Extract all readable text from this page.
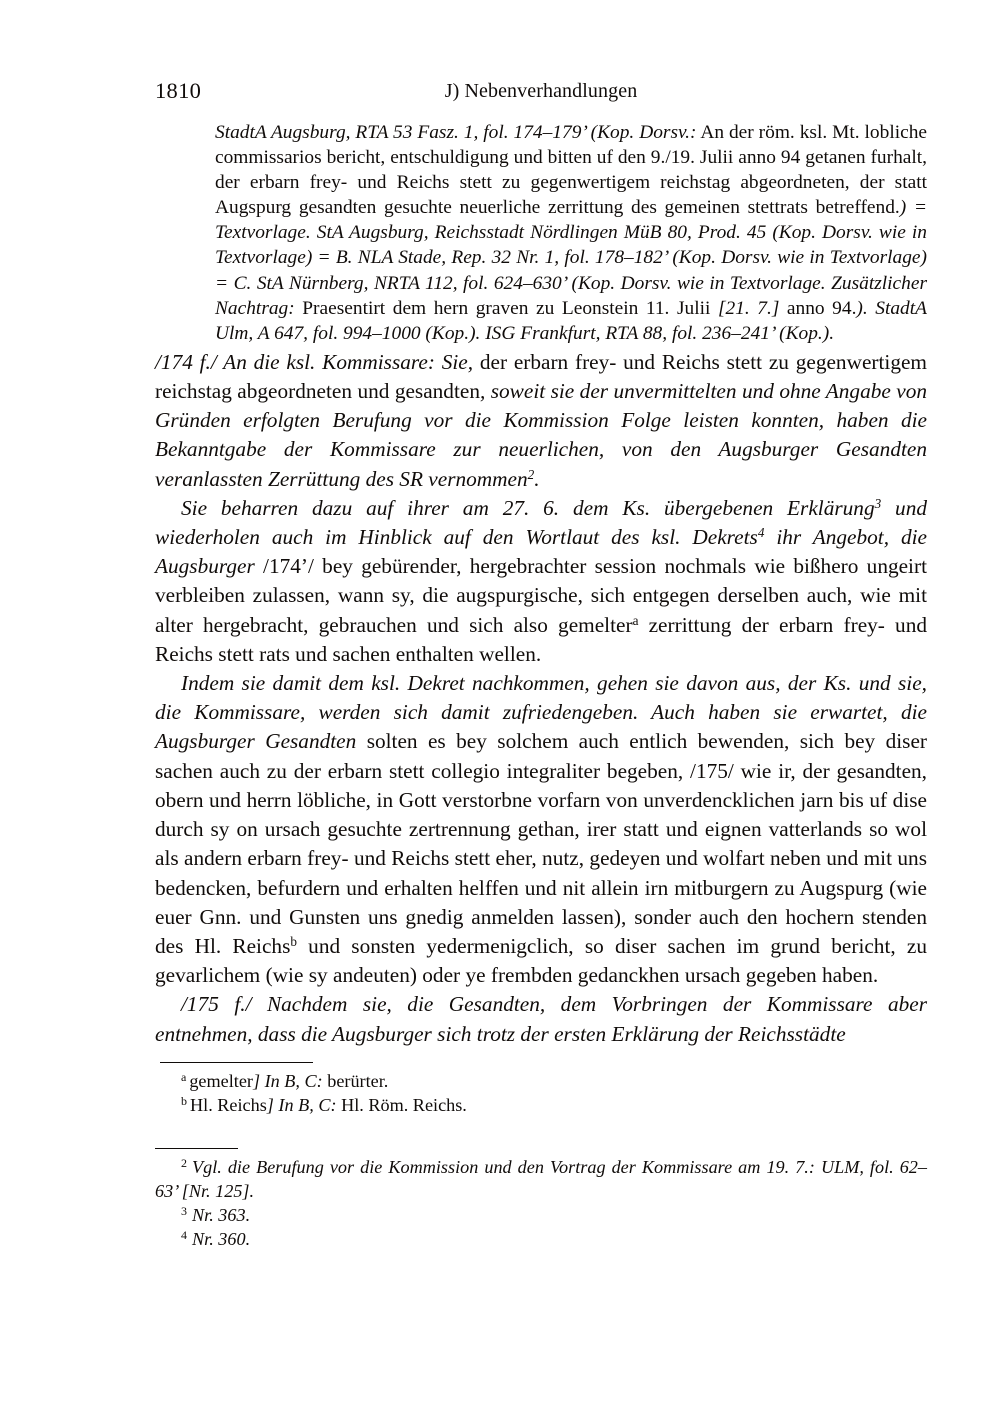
1810	J) Nebenverhandlungen
StadtA Augsburg, RTA 53 Fasz. 1, fol. 174–179’ (Kop. Dorsv.: An der röm. ksl. Mt. lobliche commissarios bericht, entschuldigung und bitten uf den 9./19. Julii anno 94 getanen furhalt, der erbarn frey- und Reichs stett zu gegenwertigem reichstag abgeordneten, der statt Augspurg gesandten gesuchte neuerliche zerrittung des gemeinen stettrats betreffend.) = Textvorlage. StA Augsburg, Reichsstadt Nördlingen MüB 80, Prod. 45 (Kop. Dorsv. wie in Textvorlage) = B. NLA Stade, Rep. 32 Nr. 1, fol. 178–182’ (Kop. Dorsv. wie in Textvorlage) = C. StA Nürnberg, NRTA 112, fol. 624–630’ (Kop. Dorsv. wie in Textvorlage. Zusätzlicher Nachtrag: Praesentirt dem hern graven zu Leonstein 11. Julii [21. 7.] anno 94.). StadtA Ulm, A 647, fol. 994–1000 (Kop.). ISG Frankfurt, RTA 88, fol. 236–241’ (Kop.).

/174 f./ An die ksl. Kommissare: Sie, der erbarn frey- und Reichs stett zu gegenwertigem reichstag abgeordneten und gesandten, soweit sie der unvermittelten und ohne Angabe von Gründen erfolgten Berufung vor die Kommission Folge leisten konnten, haben die Bekanntgabe der Kommissare zur neuerlichen, von den Augsburger Gesandten veranlassten Zerrüttung des SR vernommen$^2$.

Sie beharren dazu auf ihrer am 27. 6. dem Ks. übergebenen Erklärung$^3$ und wiederholen auch im Hinblick auf den Wortlaut des ksl. Dekrets$^4$ ihr Angebot, die Augsburger /174’/ bey gebürender, hergebrachter session nochmals wie bißhero ungeirt verbleiben zulassen, wann sy, die augspurgische, sich entgegen derselben auch, wie mit alter hergebracht, gebrauchen und sich also gemelter$^a$ zerrittung der erbarn frey- und Reichs stett rats und sachen enthalten wellen.

Indem sie damit dem ksl. Dekret nachkommen, gehen sie davon aus, der Ks. und sie, die Kommissare, werden sich damit zufriedengeben. Auch haben sie erwartet, die Augsburger Gesandten solten es bey solchem auch entlich bewenden, sich bey diser sachen auch zu der erbarn stett collegio integraliter begeben, /175/ wie ir, der gesandten, obern und herrn löbliche, in Gott verstorbne vorfarn von unverdencklichen jarn bis uf dise durch sy on ursach gesuchte zertrennung gethan, irer statt und eignen vatterlands so wol als andern erbarn frey- und Reichs stett eher, nutz, gedeyen und wolfart neben und mit uns bedencken, befurdern und erhalten helffen und nit allein irn mitburgern zu Augspurg (wie euer Gnn. und Gunsten uns gnedig anmelden lassen), sonder auch den hochern stenden des Hl. Reichs$^b$ und sonsten yedermenigclich, so diser sachen im grund bericht, zu gevarlichem (wie sy andeuten) oder ye frembden gedanckhen ursach gegeben haben.

/175 f./ Nachdem sie, die Gesandten, dem Vorbringen der Kommissare aber entnehmen, dass die Augsburger sich trotz der ersten Erklärung der Reichsstädte

$^a$ gemelter] In B, C: berürter.

$^b$ Hl. Reichs] In B, C: Hl. Röm. Reichs.

$^2$ Vgl. die Berufung vor die Kommission und den Vortrag der Kommissare am 19. 7.: ULM, fol. 62–63’ [Nr. 125].

$^3$ Nr. 363.

$^4$ Nr. 360.
